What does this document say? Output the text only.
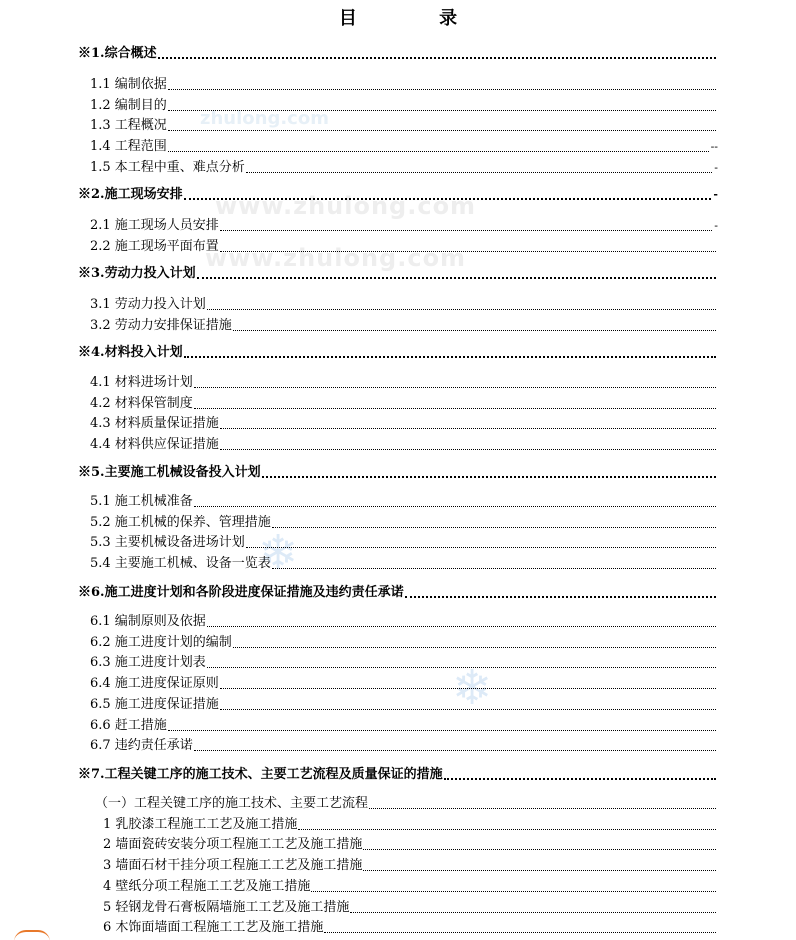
zhulong.com
www.zhulong.com
www.zhulong.com
❄
❄
目 录
※1.综合概述
1.1 编制依据
1.2 编制目的
1.3 工程概况
1.4 工程范围	--
1.5 本工程中重、难点分析	-
※2.施工现场安排	-
2.1 施工现场人员安排	-
2.2 施工现场平面布置
※3.劳动力投入计划
3.1 劳动力投入计划
3.2 劳动力安排保证措施
※4.材料投入计划
4.1 材料进场计划
4.2 材料保管制度
4.3 材料质量保证措施
4.4 材料供应保证措施
※5.主要施工机械设备投入计划
5.1 施工机械准备
5.2 施工机械的保养、管理措施
5.3 主要机械设备进场计划
5.4 主要施工机械、设备一览表
※6.施工进度计划和各阶段进度保证措施及违约责任承诺
6.1 编制原则及依据
6.2 施工进度计划的编制
6.3 施工进度计划表
6.4 施工进度保证原则
6.5 施工进度保证措施
6.6 赶工措施
6.7 违约责任承诺
※7.工程关键工序的施工技术、主要工艺流程及质量保证的措施
（一）工程关键工序的施工技术、主要工艺流程
1 乳胶漆工程施工工艺及施工措施
2 墙面瓷砖安装分项工程施工工艺及施工措施
3 墙面石材干挂分项工程施工工艺及施工措施
4 壁纸分项工程施工工艺及施工措施
5 轻钢龙骨石膏板隔墙施工工艺及施工措施
6 木饰面墙面工程施工工艺及施工措施
